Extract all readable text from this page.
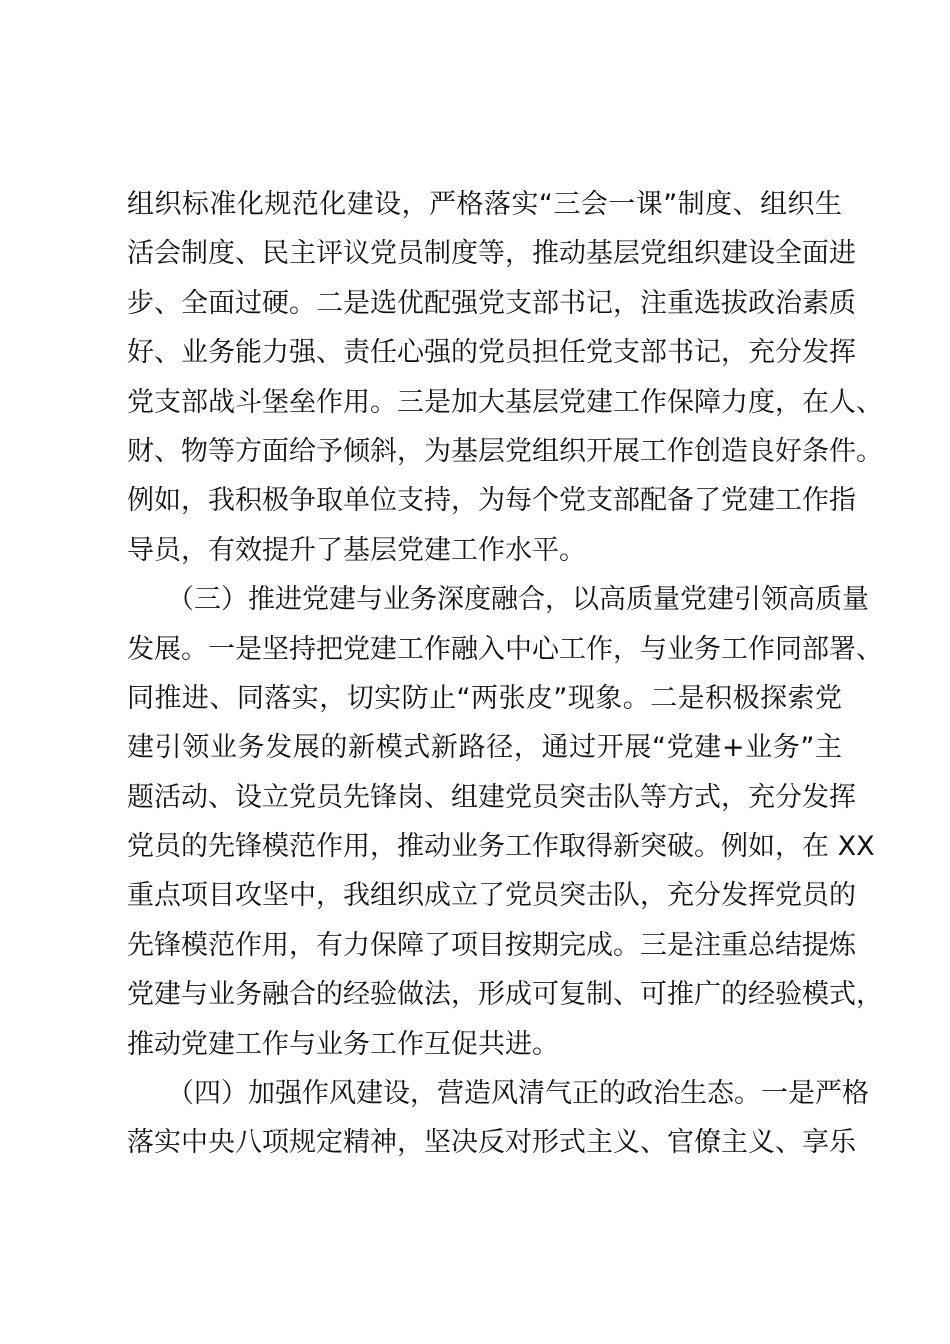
组织标准化规范化建设，严格落实“三会一课”制度、组织生
活会制度、民主评议党员制度等，推动基层党组织建设全面进
步、全面过硬。二是选优配强党支部书记，注重选拔政治素质
好、业务能力强、责任心强的党员担任党支部书记，充分发挥
党支部战斗堡垒作用。三是加大基层党建工作保障力度，在人、
财、物等方面给予倾斜，为基层党组织开展工作创造良好条件。
例如，我积极争取单位支持，为每个党支部配备了党建工作指
导员，有效提升了基层党建工作水平。
（三）推进党建与业务深度融合，以高质量党建引领高质量
发展。一是坚持把党建工作融入中心工作，与业务工作同部署、
同推进、同落实，切实防止“两张皮”现象。二是积极探索党
建引领业务发展的新模式新路径，通过开展“党建+业务”主
题活动、设立党员先锋岗、组建党员突击队等方式，充分发挥
党员的先锋模范作用，推动业务工作取得新突破。例如，在 XX
重点项目攻坚中，我组织成立了党员突击队，充分发挥党员的
先锋模范作用，有力保障了项目按期完成。三是注重总结提炼
党建与业务融合的经验做法，形成可复制、可推广的经验模式，
推动党建工作与业务工作互促共进。
（四）加强作风建设，营造风清气正的政治生态。一是严格
落实中央八项规定精神，坚决反对形式主义、官僚主义、享乐
